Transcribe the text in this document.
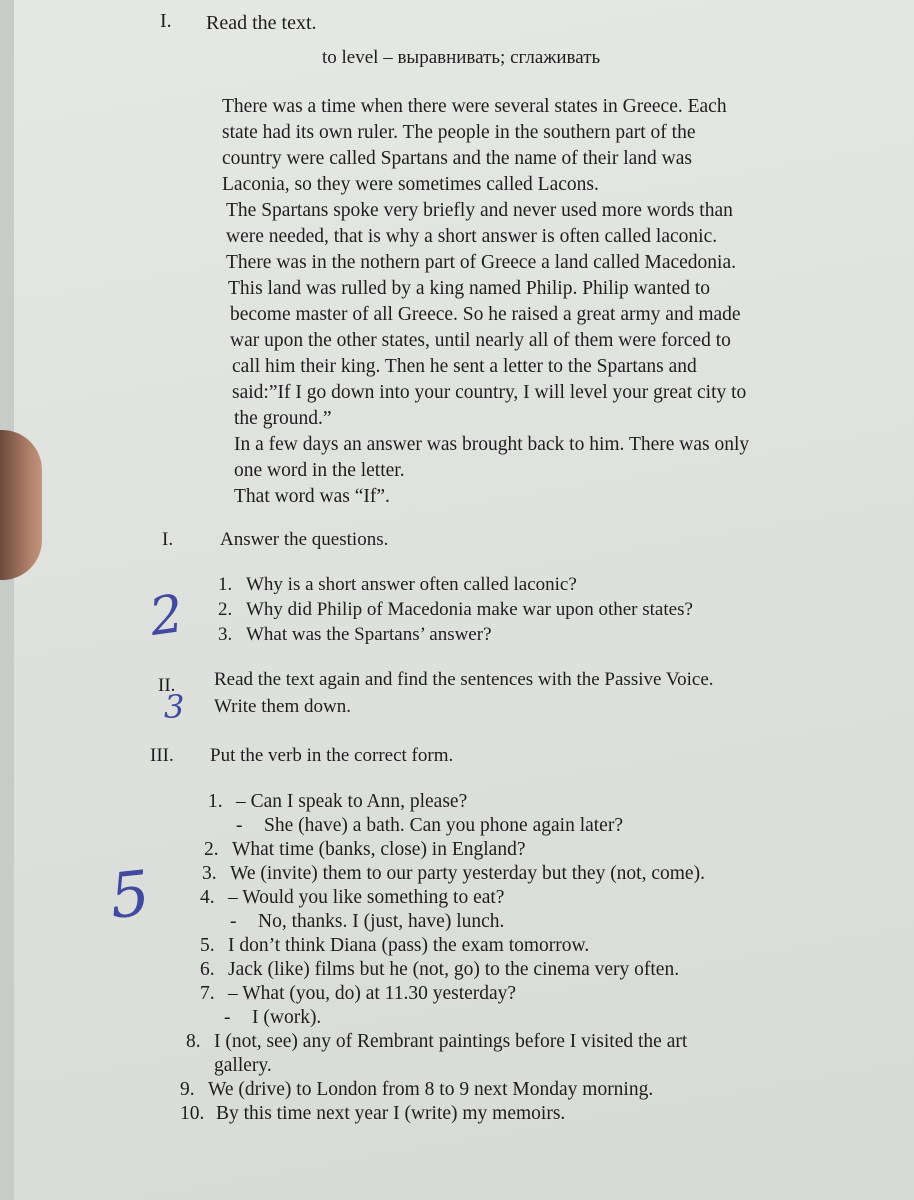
I. Read the text.
to level – выравнивать; сглаживать
There was a time when there were several states in Greece. Each
state had its own ruler. The people in the southern part of the
country were called Spartans and the name of their land was
Laconia, so they were sometimes called Lacons.
The Spartans spoke very briefly and never used more words than
were needed, that is why a short answer is often called laconic.
There was in the nothern part of Greece a land called Macedonia.
This land was rulled by a king named Philip. Philip wanted to
become master of all Greece. So he raised a great army and made
war upon the other states, until nearly all of them were forced to
call him their king. Then he sent a letter to the Spartans and
said:”If I go down into your country, I will level your great city to
the ground.”
In a few days an answer was brought back to him. There was only
one word in the letter.
That word was “If”.
I. Answer the questions.
1. Why is a short answer often called laconic?
2. Why did Philip of Macedonia make war upon other states?
3. What was the Spartans’ answer?
II. Read the text again and find the sentences with the Passive Voice.
Write them down.
III. Put the verb in the correct form.
1. – Can I speak to Ann, please?
- She (have) a bath. Can you phone again later?
2. What time (banks, close) in England?
3. We (invite) them to our party yesterday but they (not, come).
4. – Would you like something to eat?
- No, thanks. I (just, have) lunch.
5. I don’t think Diana (pass) the exam tomorrow.
6. Jack (like) films but he (not, go) to the cinema very often.
7. – What (you, do) at 11.30 yesterday?
- I (work).
8. I (not, see) any of Rembrant paintings before I visited the art
gallery.
9. We (drive) to London from 8 to 9 next Monday morning.
10. By this time next year I (write) my memoirs.
2
3
5
